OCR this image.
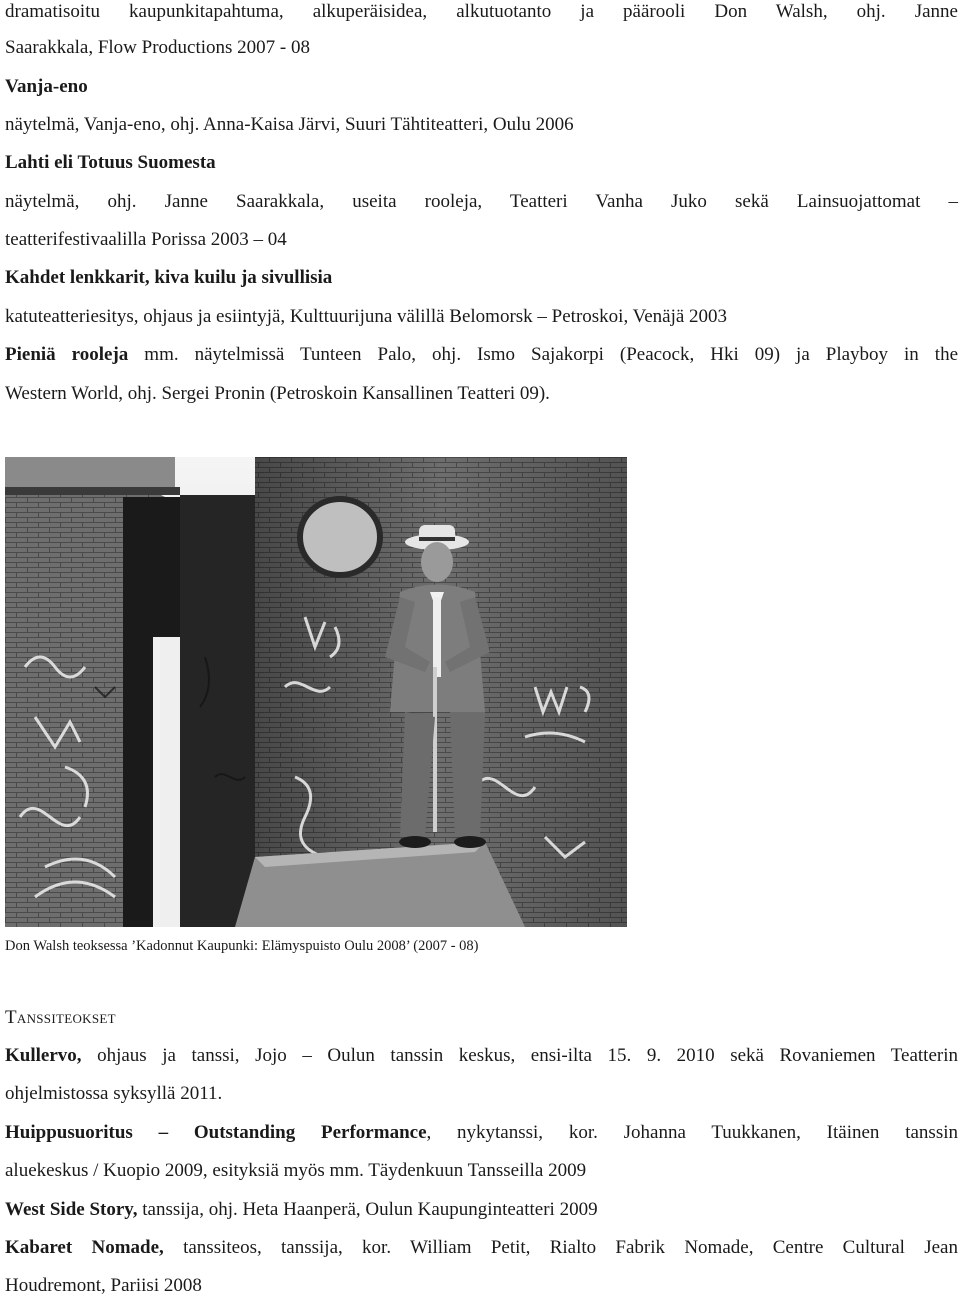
dramatisoitu kaupunkitapahtuma, alkuperäisidea, alkutuotanto ja päärooli Don Walsh, ohj. Janne
Saarakkala, Flow Productions 2007 - 08
Vanja-eno
näytelmä, Vanja-eno, ohj. Anna-Kaisa Järvi, Suuri Tähtiteatteri, Oulu 2006
Lahti eli Totuus Suomesta
näytelmä, ohj. Janne Saarakkala, useita rooleja, Teatteri Vanha Juko sekä Lainsuojattomat –
teatterifestivaalilla Porissa 2003 – 04
Kahdet lenkkarit, kiva kuilu ja sivullisia
katuteatteriesitys, ohjaus ja esiintyjä, Kulttuurijuna välillä Belomorsk – Petroskoi, Venäjä 2003
Pieniä rooleja mm. näytelmissä Tunteen Palo, ohj. Ismo Sajakorpi (Peacock, Hki 09) ja Playboy in the
Western World, ohj. Sergei Pronin (Petroskoin Kansallinen Teatteri 09).
Don Walsh teoksessa ’Kadonnut Kaupunki: Elämyspuisto Oulu 2008’ (2007 - 08)
Tanssiteokset
Kullervo, ohjaus ja tanssi, Jojo – Oulun tanssin keskus, ensi-ilta 15. 9. 2010 sekä Rovaniemen Teatterin
ohjelmistossa syksyllä 2011.
Huippusuoritus – Outstanding Performance, nykytanssi, kor. Johanna Tuukkanen, Itäinen tanssin
aluekeskus / Kuopio 2009, esityksiä myös mm. Täydenkuun Tansseilla 2009
West Side Story, tanssija, ohj. Heta Haanperä, Oulun Kaupunginteatteri 2009
Kabaret Nomade, tanssiteos, tanssija, kor. William Petit, Rialto Fabrik Nomade, Centre Cultural Jean
Houdremont, Pariisi 2008
